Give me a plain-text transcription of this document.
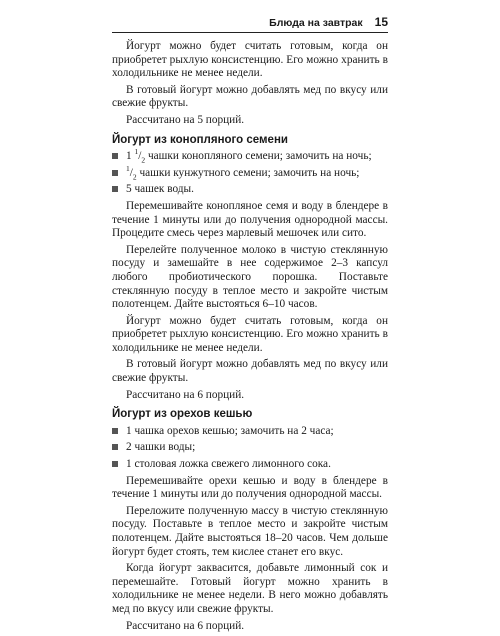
Блюда на завтрак 15

Йогурт можно будет считать готовым, когда он приобретет рыхлую консистенцию. Его можно хранить в холодильнике не менее недели.

В готовый йогурт можно добавлять мед по вкусу или свежие фрукты.

Рассчитано на 5 порций.

Йогурт из конопляного семени
1 $^1/_2$ чашки конопляного семени; замочить на ночь;
$^1/_2$ чашки кунжутного семени; замочить на ночь;
5 чашек воды.

Перемешивайте конопляное семя и воду в блендере в течение 1 минуты или до получения однородной массы. Процедите смесь через марлевый мешочек или сито.

Перелейте полученное молоко в чистую стеклянную посуду и замешайте в нее содержимое 2–3 капсул любого пробиотического порошка. Поставьте стеклянную посуду в теплое место и закройте чистым полотенцем. Дайте выстояться 6–10 часов.

Йогурт можно будет считать готовым, когда он приобретет рыхлую консистенцию. Его можно хранить в холодильнике не менее недели.

В готовый йогурт можно добавлять мед по вкусу или свежие фрукты.

Рассчитано на 6 порций.

Йогурт из орехов кешью
1 чашка орехов кешью; замочить на 2 часа;
2 чашки воды;
1 столовая ложка свежего лимонного сока.

Перемешивайте орехи кешью и воду в блендере в течение 1 минуты или до получения однородной массы.

Переложите полученную массу в чистую стеклянную посуду. Поставьте в теплое место и закройте чистым полотенцем. Дайте выстояться 18–20 часов. Чем дольше йогурт будет стоять, тем кислее станет его вкус.

Когда йогурт заквасится, добавьте лимонный сок и перемешайте. Готовый йогурт можно хранить в холодильнике не менее недели. В него можно добавлять мед по вкусу или свежие фрукты.

Рассчитано на 6 порций.
